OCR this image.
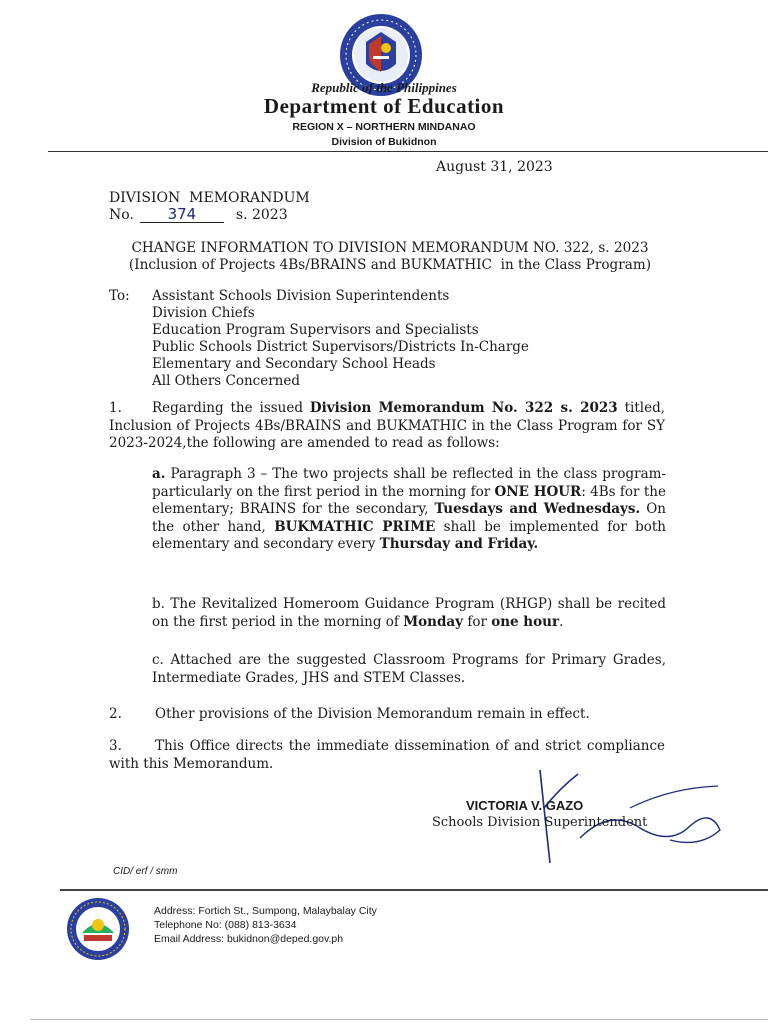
Republic of the Philippines
Department of Education
REGION X – NORTHERN MINDANAO
Division of Bukidnon
August 31, 2023
DIVISION  MEMORANDUM
No. 374	s. 2023
CHANGE INFORMATION TO DIVISION MEMORANDUM NO. 322, s. 2023
(Inclusion of Projects 4Bs/BRAINS and BUKMATHIC  in the Class Program)
To: Assistant Schools Division Superintendents
Division Chiefs
Education Program Supervisors and Specialists
Public Schools District Supervisors/Districts In-Charge
Elementary and Secondary School Heads
All Others Concerned
1. Regarding the issued Division Memorandum No. 322 s. 2023 titled, Inclusion of Projects 4Bs/BRAINS and BUKMATHIC in the Class Program for SY 2023-2024,the following are amended to read as follows:
a. Paragraph 3 – The two projects shall be reflected in the class program- particularly on the first period in the morning for ONE HOUR: 4Bs for the elementary; BRAINS for the secondary, Tuesdays and Wednesdays. On the other hand, BUKMATHIC PRIME shall be implemented for both elementary and secondary every Thursday and Friday.
b. The Revitalized Homeroom Guidance Program (RHGP) shall be recited on the first period in the morning of Monday for one hour.
c. Attached are the suggested Classroom Programs for Primary Grades, Intermediate Grades, JHS and STEM Classes.
2. Other provisions of the Division Memorandum remain in effect.
3. This Office directs the immediate dissemination of and strict compliance with this Memorandum.
VICTORIA V. GAZO
Schools Division Superintendent
CID/ erf / smm
Address: Fortich St., Sumpong, Malaybalay City
Telephone No: (088) 813-3634
Email Address: bukidnon@deped.gov.ph
